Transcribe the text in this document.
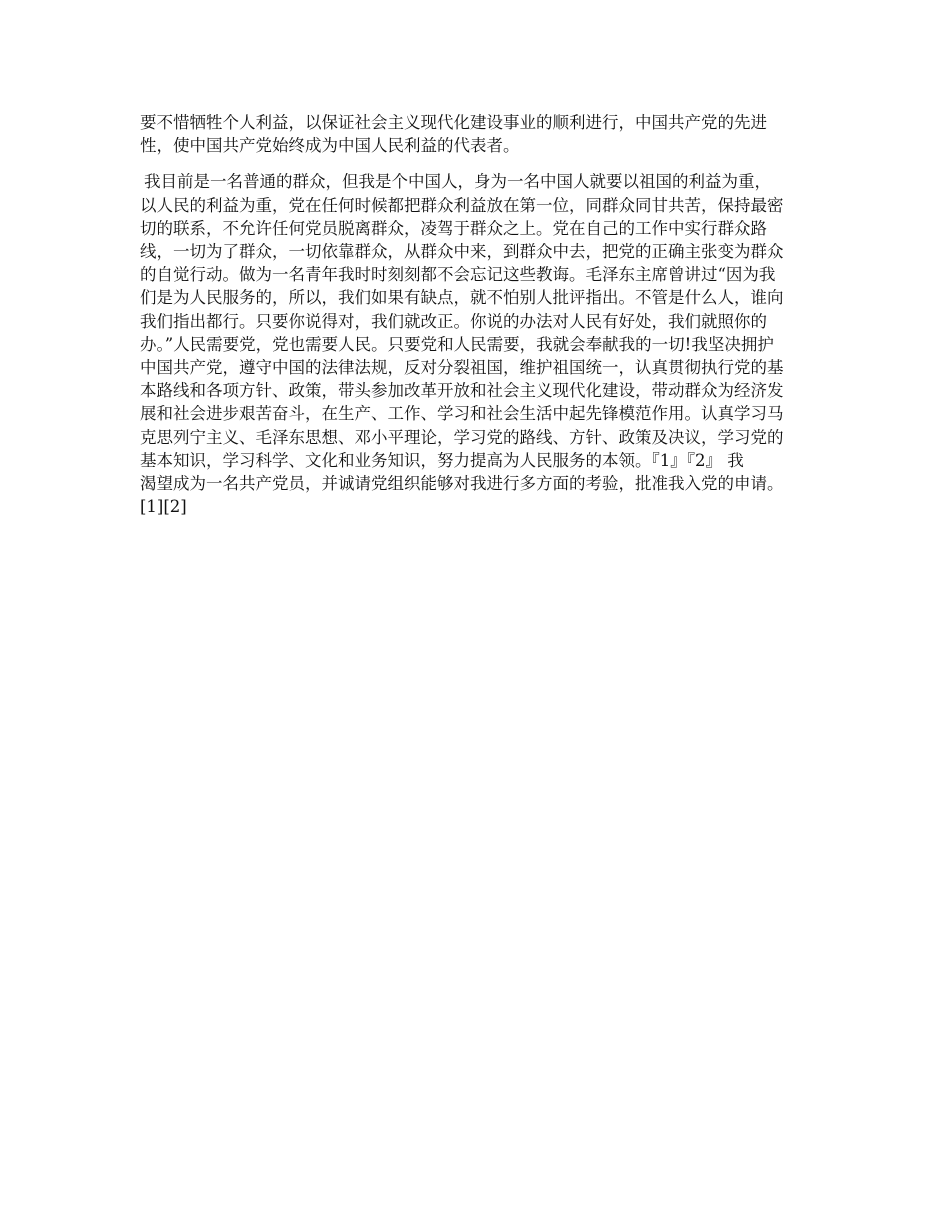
要不惜牺牲个人利益，以保证社会主义现代化建设事业的顺利进行，中国共产党的先进
性，使中国共产党始终成为中国人民利益的代表者。

我目前是一名普通的群众，但我是个中国人，身为一名中国人就要以祖国的利益为重，
以人民的利益为重，党在任何时候都把群众利益放在第一位，同群众同甘共苦，保持最密
切的联系，不允许任何党员脱离群众，凌驾于群众之上。党在自己的工作中实行群众路
线，一切为了群众，一切依靠群众，从群众中来，到群众中去，把党的正确主张变为群众
的自觉行动。做为一名青年我时时刻刻都不会忘记这些教诲。毛泽东主席曾讲过“因为我
们是为人民服务的，所以，我们如果有缺点，就不怕别人批评指出。不管是什么人，谁向
我们指出都行。只要你说得对，我们就改正。你说的办法对人民有好处，我们就照你的
办。”人民需要党，党也需要人民。只要党和人民需要，我就会奉献我的一切!我坚决拥护
中国共产党，遵守中国的法律法规，反对分裂祖国，维护祖国统一，认真贯彻执行党的基
本路线和各项方针、政策，带头参加改革开放和社会主义现代化建设，带动群众为经济发
展和社会进步艰苦奋斗，在生产、工作、学习和社会生活中起先锋模范作用。认真学习马
克思列宁主义、毛泽东思想、邓小平理论，学习党的路线、方针、政策及决议，学习党的
基本知识，学习科学、文化和业务知识，努力提高为人民服务的本领。『1』『2』 我
渴望成为一名共产党员，并诚请党组织能够对我进行多方面的考验，批准我入党的申请。
[1][2]
